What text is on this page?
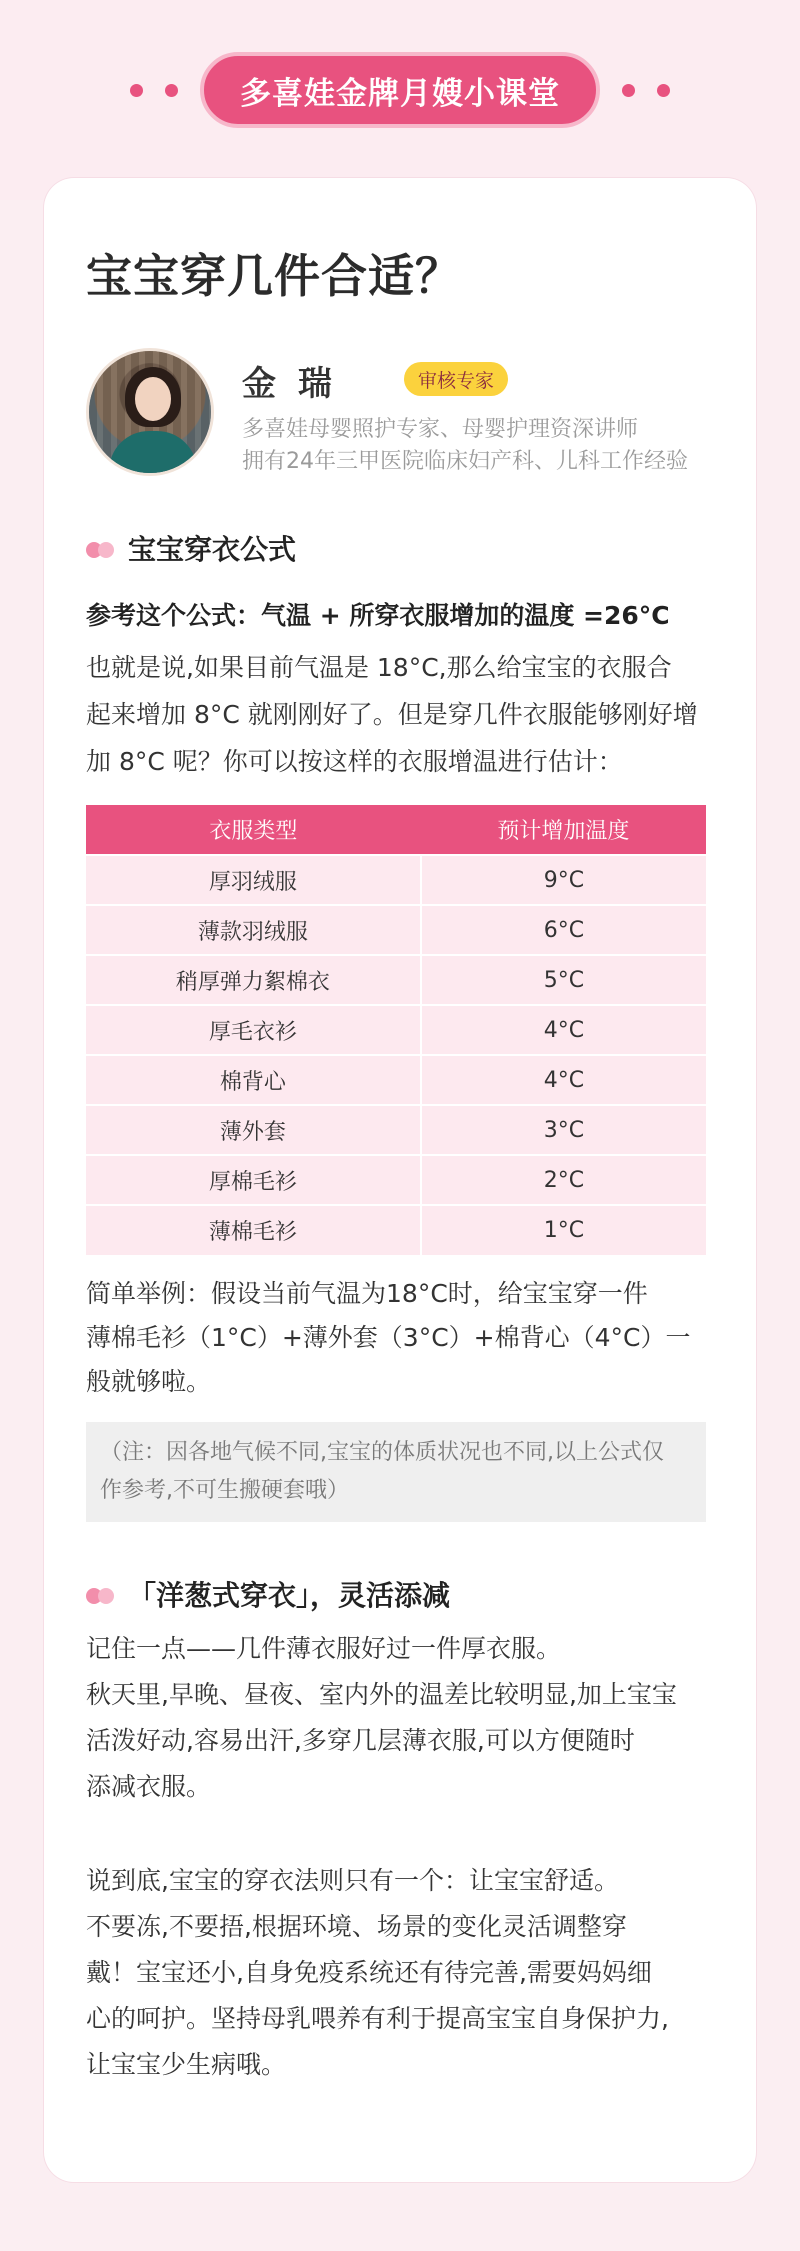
多喜娃金牌月嫂小课堂
宝宝穿几件合适？
金瑞	审核专家
多喜娃母婴照护专家、母婴护理资深讲师
拥有24年三甲医院临床妇产科、儿科工作经验
宝宝穿衣公式
参考这个公式：气温 + 所穿衣服增加的温度 =26°C
也就是说,如果目前气温是 18°C,那么给宝宝的衣服合
起来增加 8°C 就刚刚好了。但是穿几件衣服能够刚好增
加 8°C 呢？你可以按这样的衣服增温进行估计：
衣服类型	预计增加温度
厚羽绒服	9°C
薄款羽绒服	6°C
稍厚弹力絮棉衣	5°C
厚毛衣衫	4°C
棉背心	4°C
薄外套	3°C
厚棉毛衫	2°C
薄棉毛衫	1°C
简单举例：假设当前气温为18°C时，给宝宝穿一件
薄棉毛衫（1°C）+薄外套（3°C）+棉背心（4°C）一
般就够啦。
（注：因各地气候不同,宝宝的体质状况也不同,以上公式仅
作参考,不可生搬硬套哦）
「洋葱式穿衣」，灵活添减
记住一点——几件薄衣服好过一件厚衣服。
秋天里,早晚、昼夜、室内外的温差比较明显,加上宝宝
活泼好动,容易出汗,多穿几层薄衣服,可以方便随时
添减衣服。
说到底,宝宝的穿衣法则只有一个：让宝宝舒适。
不要冻,不要捂,根据环境、场景的变化灵活调整穿
戴！宝宝还小,自身免疫系统还有待完善,需要妈妈细
心的呵护。坚持母乳喂养有利于提高宝宝自身保护力,
让宝宝少生病哦。
